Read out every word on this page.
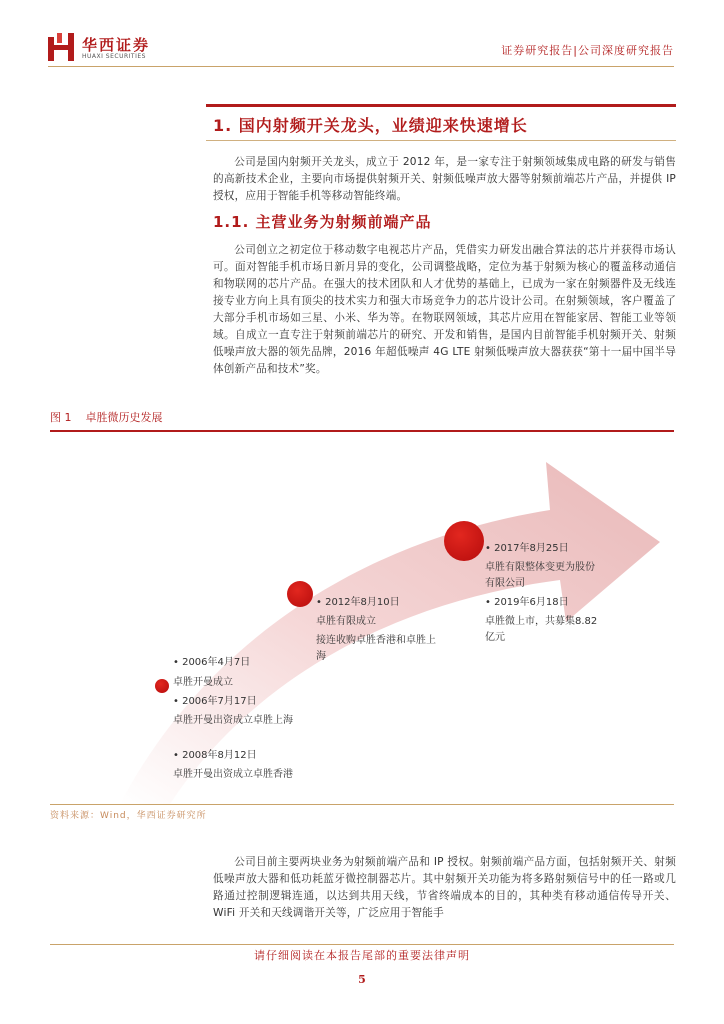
华西证券
HUAXI SECURITIES	证券研究报告|公司深度研究报告
1. 国内射频开关龙头，业绩迎来快速增长
公司是国内射频开关龙头，成立于 2012 年，是一家专注于射频领域集成电路的研发与销售的高新技术企业，主要向市场提供射频开关、射频低噪声放大器等射频前端芯片产品，并提供 IP 授权，应用于智能手机等移动智能终端。
1.1. 主营业务为射频前端产品
公司创立之初定位于移动数字电视芯片产品，凭借实力研发出融合算法的芯片并获得市场认可。面对智能手机市场日新月异的变化，公司调整战略，定位为基于射频为核心的覆盖移动通信和物联网的芯片产品。在强大的技术团队和人才优势的基础上，已成为一家在射频器件及无线连接专业方向上具有顶尖的技术实力和强大市场竞争力的芯片设计公司。在射频领域，客户覆盖了大部分手机市场如三星、小米、华为等。在物联网领域，其芯片应用在智能家居、智能工业等领域。自成立一直专注于射频前端芯片的研究、开发和销售，是国内目前智能手机射频开关、射频低噪声放大器的领先品牌，2016 年超低噪声 4G LTE 射频低噪声放大器获获“第十一届中国半导体创新产品和技术”奖。
图 1 卓胜微历史发展
• 2006年4月7日
卓胜开曼成立
• 2006年7月17日
卓胜开曼出资成立卓胜上海
• 2008年8月12日
卓胜开曼出资成立卓胜香港
• 2012年8月10日
卓胜有限成立
接连收购卓胜香港和卓胜上海
• 2017年8月25日
卓胜有限整体变更为股份有限公司
• 2019年6月18日
卓胜微上市，共募集8.82亿元
资料来源：Wind，华西证券研究所
公司目前主要两块业务为射频前端产品和 IP 授权。射频前端产品方面，包括射频开关、射频低噪声放大器和低功耗蓝牙微控制器芯片。其中射频开关功能为将多路射频信号中的任一路或几路通过控制逻辑连通，以达到共用天线，节省终端成本的目的，其种类有移动通信传导开关、WiFi 开关和天线调谐开关等，广泛应用于智能手
请仔细阅读在本报告尾部的重要法律声明
5
